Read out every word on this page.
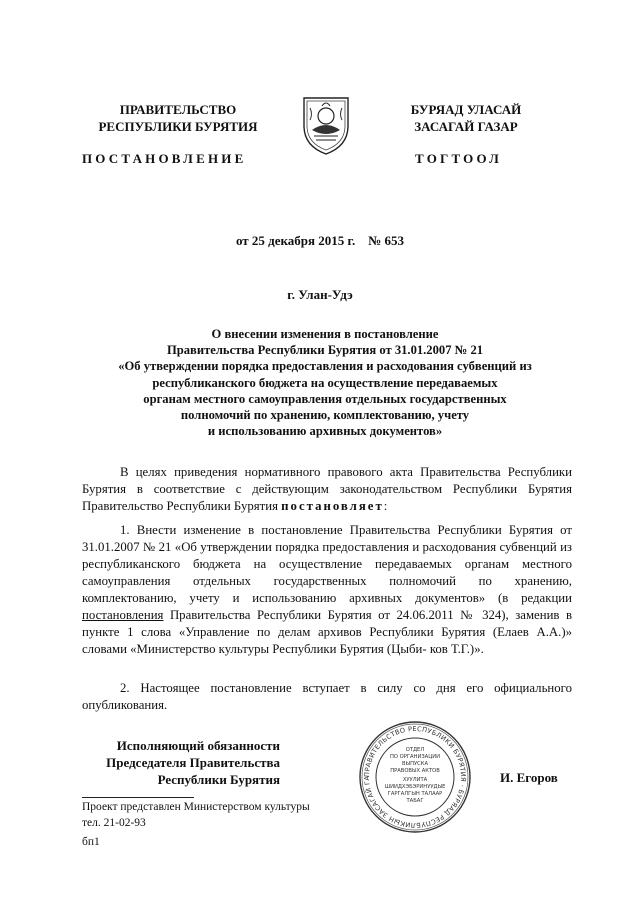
ПРАВИТЕЛЬСТВО
РЕСПУБЛИКИ БУРЯТИЯ
БУРЯАД УЛАСАЙ
ЗАСАГАЙ ГАЗАР
ПОСТАНОВЛЕНИЕ	ТОГТООЛ
от 25 декабря 2015 г.    № 653
г. Улан-Удэ
О внесении изменения в постановление
Правительства Республики Бурятия от 31.01.2007 № 21
«Об утверждении порядка предоставления и расходования субвенций из
республиканского бюджета на осуществление передаваемых
органам местного самоуправления отдельных государственных
полномочий по хранению, комплектованию, учету
и использованию архивных документов»
В целях приведения нормативного правового акта Правительства Республики Бурятия в соответствие с действующим законодательством Республики Бурятия Правительство Республики Бурятия постановляет:
1. Внести изменение в постановление Правительства Республики Бурятия от 31.01.2007 № 21 «Об утверждении порядка предоставления и расходования субвенций из республиканского бюджета на осуществление передаваемых органам местного самоуправления отдельных государственных полномочий по хранению, комплектованию, учету и использованию архивных документов» (в редакции постановления Правительства Республики Бурятия от 24.06.2011 № 324), заменив в пункте 1 слова «Управление по делам архивов Республики Бурятия (Елаев А.А.)» словами «Министерство культуры Республики Бурятия (Цыби- ков Т.Г.)».
2. Настоящее постановление вступает в силу со дня его официального опубликования.
Исполняющий обязанности
Председателя Правительства
Республики Бурятия	ПРАВИТЕЛЬСТВО РЕСПУБЛИКИ БУРЯТИЯ · БУРЯАД РЕСПУБЛИКЫН ЗАСАГАЙ ГА
ОТДЕЛ
ПО ОРГАНИЗАЦИИ
ВЫПУСКА
ПРАВОВЫХ АКТОВ
ХУУЛИТА
ШИИДХЭБЭРИНУУДЫЕ
ГАРГАЛГЫН ТАЛААР
ТАБАГ
И. Егоров
Проект представлен Министерством культуры
тел. 21-02-93
бп1
